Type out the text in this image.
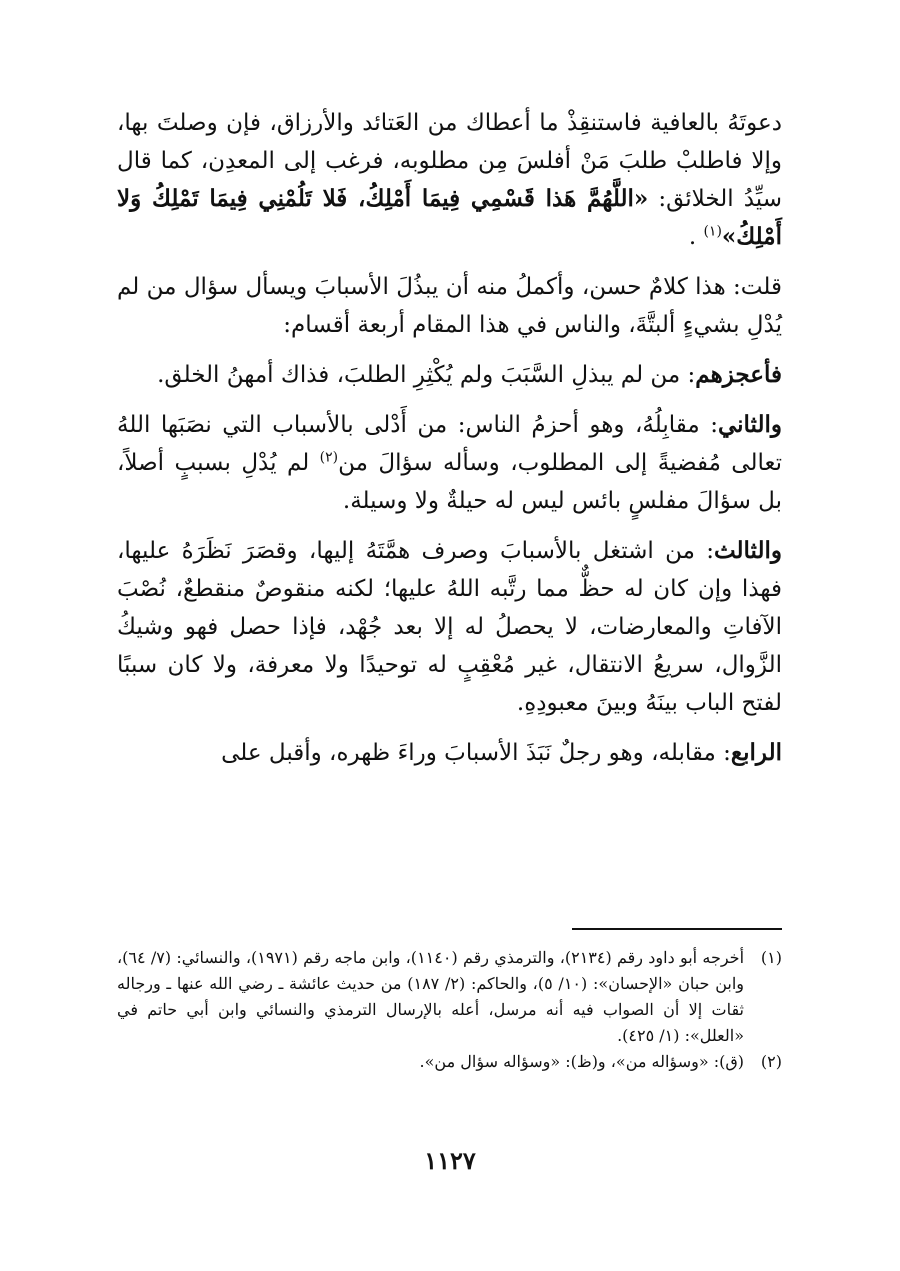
دعوتَهُ بالعافية فاستنقِذْ ما أعطاك من العَتائد والأرزاق، فإن وصلتَ بها، وإلا فاطلبْ طلبَ مَنْ أفلسَ مِن مطلوبه، فرغب إلى المعدِن، كما قال سيِّدُ الخلائق: «اللَّهُمَّ هَذا قَسْمِي فِيمَا أَمْلِكُ، فَلا تَلُمْنِي فِيمَا تَمْلِكُ وَلا أَمْلِكُ»$^{(١)}$ .

قلت: هذا كلامٌ حسن، وأكملُ منه أن يبذُلَ الأسبابَ ويسأل سؤال من لم يُدْلِ بشيءٍ ألبتَّةَ، والناس في هذا المقام أربعة أقسام:

فأعجزهم: من لم يبذلِ السَّبَبَ ولم يُكْثِرِ الطلبَ، فذاك أمهنُ الخلق.

والثاني: مقابِلُهُ، وهو أحزمُ الناس: من أَدْلى بالأسباب التي نصَبَها اللهُ تعالى مُفضيةً إلى المطلوب، وسأله سؤالَ من$^{(٢)}$ لم يُدْلِ بسببٍ أصلاً، بل سؤالَ مفلسٍ بائس ليس له حيلةٌ ولا وسيلة.

والثالث: من اشتغل بالأسبابَ وصرف همَّتَهُ إليها، وقصَرَ نَظَرَهُ عليها، فهذا وإن كان له حظٌّ مما رتَّبه اللهُ عليها؛ لكنه منقوصٌ منقطعٌ، نُصْبَ الآفاتِ والمعارضات، لا يحصلُ له إلا بعد جُهْد، فإذا حصل فهو وشيكُ الزَّوال، سريعُ الانتقال، غير مُعْقِبٍ له توحيدًا ولا معرفة، ولا كان سببًا لفتح الباب بينَهُ وبينَ معبودِهِ.

الرابع: مقابله، وهو رجلٌ نَبَذَ الأسبابَ وراءَ ظهره، وأقبل على

(١)
أخرجه أبو داود رقم (٢١٣٤)، والترمذي رقم (١١٤٠)، وابن ماجه رقم (١٩٧١)، والنسائي: (٧/ ٦٤)، وابن حبان «الإحسان»: (١٠/ ٥)، والحاكم: (٢/ ١٨٧) من حديث عائشة ـ رضي الله عنها ـ ورجاله ثقات إلا أن الصواب فيه أنه مرسل، أعله بالإرسال الترمذي والنسائي وابن أبي حاتم في «العلل»: (١/ ٤٢٥).
(٢)
(ق): «وسؤاله من»، و(ظ): «وسؤاله سؤال من».
١١٢٧
